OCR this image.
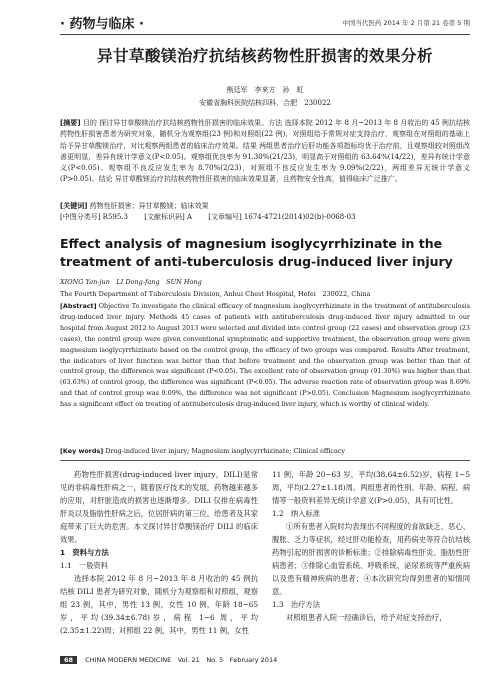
· 药物与临床 ·	中国当代医药 2014 年 2 月第 21 卷第 5 期
异甘草酸镁治疗抗结核药物性肝损害的效果分析
熊廷军　李來方　孙　虹
安徽省胸科医院结核四科，合肥　230022
[摘要] 目的 探讨异甘草酸镁治疗抗结核药物性肝损害的临床效果。方法 选择本院 2012 年 8 月~2013 年 8 月收治的 45 例抗结核药物性肝损害患者为研究对象，随机分为观察组(23 例)和对照组(22 例)，对照组给予常规对症支持治疗，观察组在对照组的基础上给予异甘草酸镁治疗，对比观察两组患者的临床治疗效果。结果 两组患者治疗后肝功能各项指标均优于治疗前，且观察组较对照组改善更明显，差异有统计学意义(P<0.05)。观察组优良率为 91.30%(21/23)，明显高于对照组的 63.64%(14/22)，差异有统计学意义(P<0.05)。观察组不良反应发生率为 8.70%(2/23)，对照组不良反应发生率为 9.09%(2/22)，两组差异无统计学意义(P>0.05)。结论 异甘草酸镁治疗抗结核药物性肝损害的临床效果显著，且药物安全性高，值得临床广泛推广。
[关键词] 药物性肝损害；异甘草酸镁；临床效果
[中图分类号] R595.3 [文献标识码] A [文章编号] 1674-4721(2014)02(b)-0068-03
Effect analysis of magnesium isoglycyrrhizinate in the treatment of anti-tuberculosis drug-induced liver injury
XIONG Yan-jun　LI Dong-fang　SUN Hong
The Fourth Department of Tuberculosis Division, Anhui Chest Hospital, Hefei　230022, China
[Abstract] Objective To investigate the clinical efficacy of magnesium isoglycyrrhizinate in the treatment of antituberculosis drug-induced liver injury. Methods 45 cases of patients with antituberculosis drug-induced liver injury admitted to our hospital from August 2012 to August 2013 were selected and divided into control group (22 cases) and observation group (23 cases), the control group were given conventional symptomatic and supportive treatment, the observation group were given magnesium isoglycyrrhizinate based on the control group, the efficacy of two groups was compared. Results After treatment, the indicators of liver function was better than that before treatment and the observation group was better than that of control group, the difference was significant (P<0.05). The excellent rate of observation group (91.30%) was higher than that (63.63%) of control group, the difference was significant (P<0.05). The adverse reaction rate of observation group was 8.69% and that of control group was 9.09%, the difference was not significant (P>0.05). Conclusion Magnesium isoglycyrrhizinate has a significant effect on treating of antituberculosis drug-induced liver injury, which is worthy of clinical widely.
[Key words] Drug-induced liver injury; Magnesium isoglycyrrhizinate; Clinical efficacy

药物性肝损害(drug-induced liver injury，DILI)是常见的非病毒性肝病之一，随着医疗技术的发展，药物越来越多的应用，对肝脏造成的损害也逐渐增多。DILI 仅排在病毒性肝炎以及脂肪性肝病之后，位居肝病的第三位，给患者及其家庭带来了巨大的危害。本文探讨异甘草酸镁治疗 DILI 的临床效果。

1　资料与方法

1.1　一般资料

选择本院 2012 年 8 月~2013 年 8 月收治的 45 例抗结核 DILI 患者为研究对象，随机分为观察组和对照组，观察组 23 例，其中，男性 13 例，女性 10 例，年龄 18~65 岁，平均(39.34±6.78)岁，病程 1~6 周，平均(2.35±1.22)周；对照组 22 例，其中，男性 11 例，女性

11 例，年龄 20~63 岁，平均(38.64±6.52)岁，病程 1~5 周，平均(2.27±1.18)周。两组患者的性别、年龄、病程、病情等一般资料差异无统计学意义(P>0.05)，具有可比性。

1.2　纳入标准

①所有患者入院时均表现出不同程度的食欲缺乏、恶心、腹胀、乏力等症状，经过肝功能检查，用药病史等符合抗结核药物引起的肝损害的诊断标准；②排除病毒性肝炎、脂肪性肝病患者；③排除心血管系统、呼吸系统、泌尿系统等严重疾病以及患有精神疾病的患者；④本次研究均得到患者的知情同意。

1.3　治疗方法

对照组患者入院一经确诊后，给予对症支持治疗，

68 CHINA MODERN MEDICINE　Vol. 21　No. 5　February 2014
